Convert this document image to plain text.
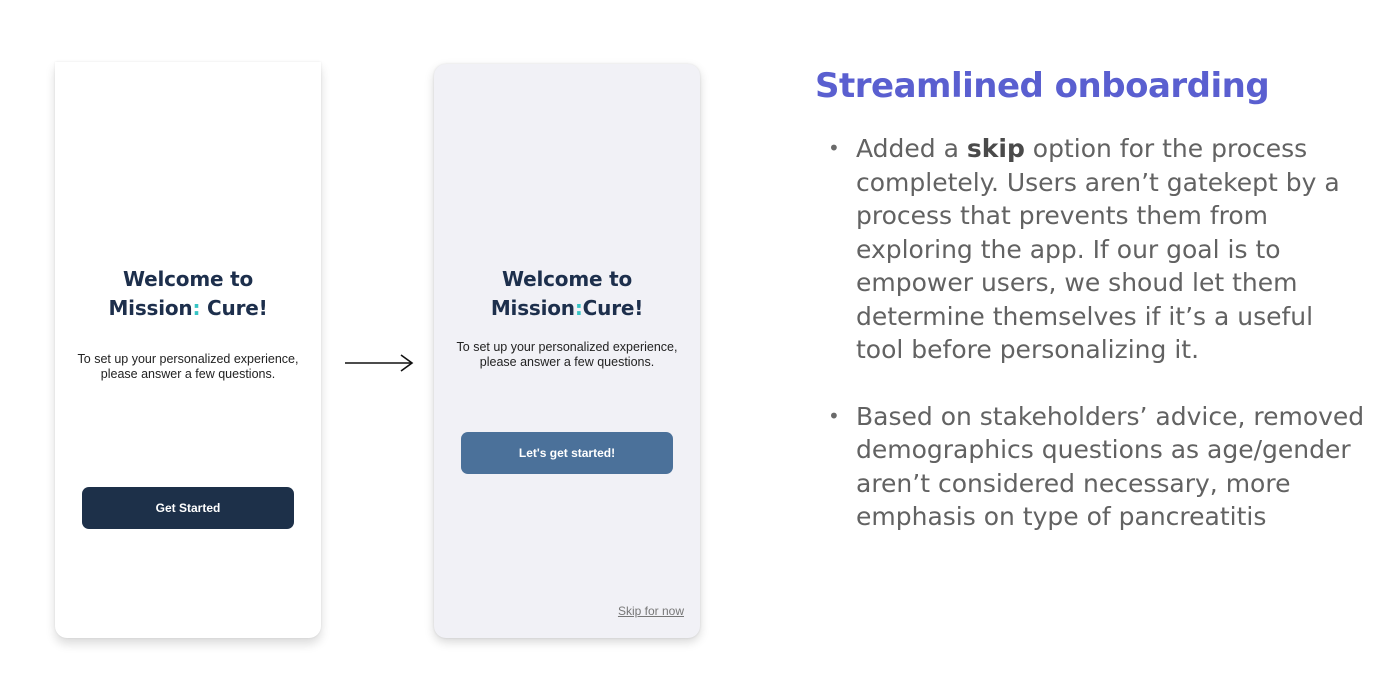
Welcome to
Mission: Cure!
To set up your personalized experience,
please answer a few questions.
Get Started
Welcome to
Mission:Cure!
To set up your personalized experience,
please answer a few questions.
Let's get started!
Skip for now
Streamlined onboarding
• Added a skip option for the process completely. Users aren’t gatekept by a process that prevents them from exploring the app. If our goal is to empower users, we shoud let them determine themselves if it’s a useful tool before personalizing it.
• Based on stakeholders’ advice, removed demographics questions as age/gender aren’t considered necessary, more emphasis on type of pancreatitis
